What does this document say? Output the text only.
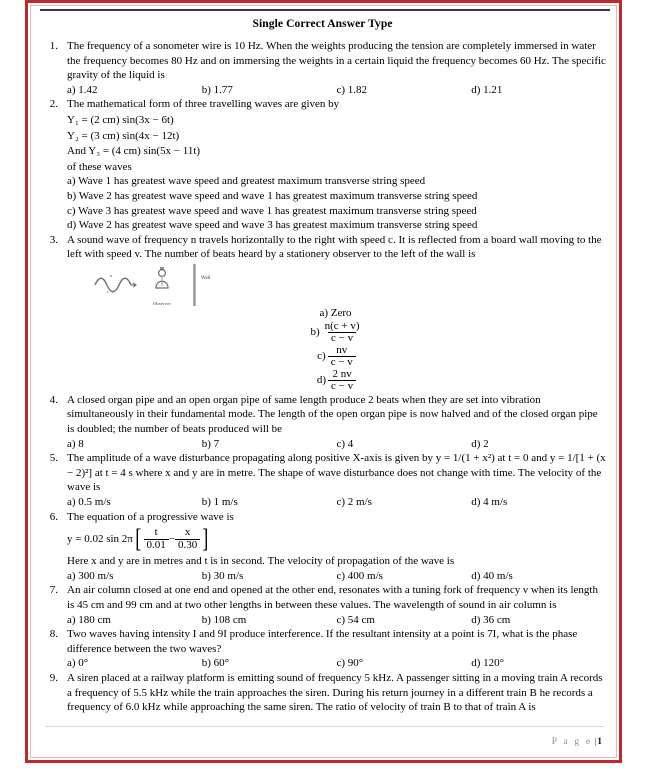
Single Correct Answer Type
1. The frequency of a sonometer wire is 10 Hz. When the weights producing the tension are completely immersed in water the frequency becomes 80 Hz and on immersing the weights in a certain liquid the frequency becomes 60 Hz. The specific gravity of the liquid is
a) 1.42	b) 1.77	c) 1.82	d) 1.21
2. The mathematical form of three travelling waves are given by
Y₁ = (2 cm) sin(3x − 6t)
Y₂ = (3 cm) sin(4x − 12t)
And Y₃ = (4 cm) sin(5x − 11t)
of these waves
a) Wave 1 has greatest wave speed and greatest maximum transverse string speed
b) Wave 2 has greatest wave speed and wave 1 has greatest maximum transverse string speed
c) Wave 3 has greatest wave speed and wave 1 has greatest maximum transverse string speed
d) Wave 2 has greatest wave speed and wave 3 has greatest maximum transverse string speed
3. A sound wave of frequency n travels horizontally to the right with speed c. It is reflected from a board wall moving to the left with speed v. The number of beats heard by a stationery observer to the left of the wall is
n
c
Observer
Wall
a) Zero
$b) \frac{n(c + v)}{c - v}$
$c) \frac{nv}{c - v}$
$d) \frac{2 nv}{c - v}$
4. A closed organ pipe and an open organ pipe of same length produce 2 beats when they are set into vibration simultaneously in their fundamental mode. The length of the open organ pipe is now halved and of the closed organ pipe is doubled; the number of beats produced will be
a) 8	b) 7	c) 4	d) 2
5. The amplitude of a wave disturbance propagating along positive X-axis is given by y = 1/(1 + x²) at t = 0 and y = 1/[1 + (x − 2)²] at t = 4 s where x and y are in metre. The shape of wave disturbance does not change with time. The velocity of the wave is
a) 0.5 m/s	b) 1 m/s	c) 2 m/s	d) 4 m/s
6. The equation of a progressive wave is
y = 0.02 sin 2π [ $\frac{t}{0.01} - \frac{x}{0.30}$ ]
Here x and y are in metres and t is in second. The velocity of propagation of the wave is
a) 300 m/s	b) 30 m/s	c) 400 m/s	d) 40 m/s
7. An air column closed at one end and opened at the other end, resonates with a tuning fork of frequency ν when its length is 45 cm and 99 cm and at two other lengths in between these values. The wavelength of sound in air column is
a) 180 cm	b) 108 cm	c) 54 cm	d) 36 cm
8. Two waves having intensity I and 9I produce interference. If the resultant intensity at a point is 7I, what is the phase difference between the two waves?
a) 0°	b) 60°	c) 90°	d) 120°
9. A siren placed at a railway platform is emitting sound of frequency 5 kHz. A passenger sitting in a moving train A records a frequency of 5.5 kHz while the train approaches the siren. During his return journey in a different train B he records a frequency of 6.0 kHz while approaching the same siren. The ratio of velocity of train B to that of train A is
P a g e |1
